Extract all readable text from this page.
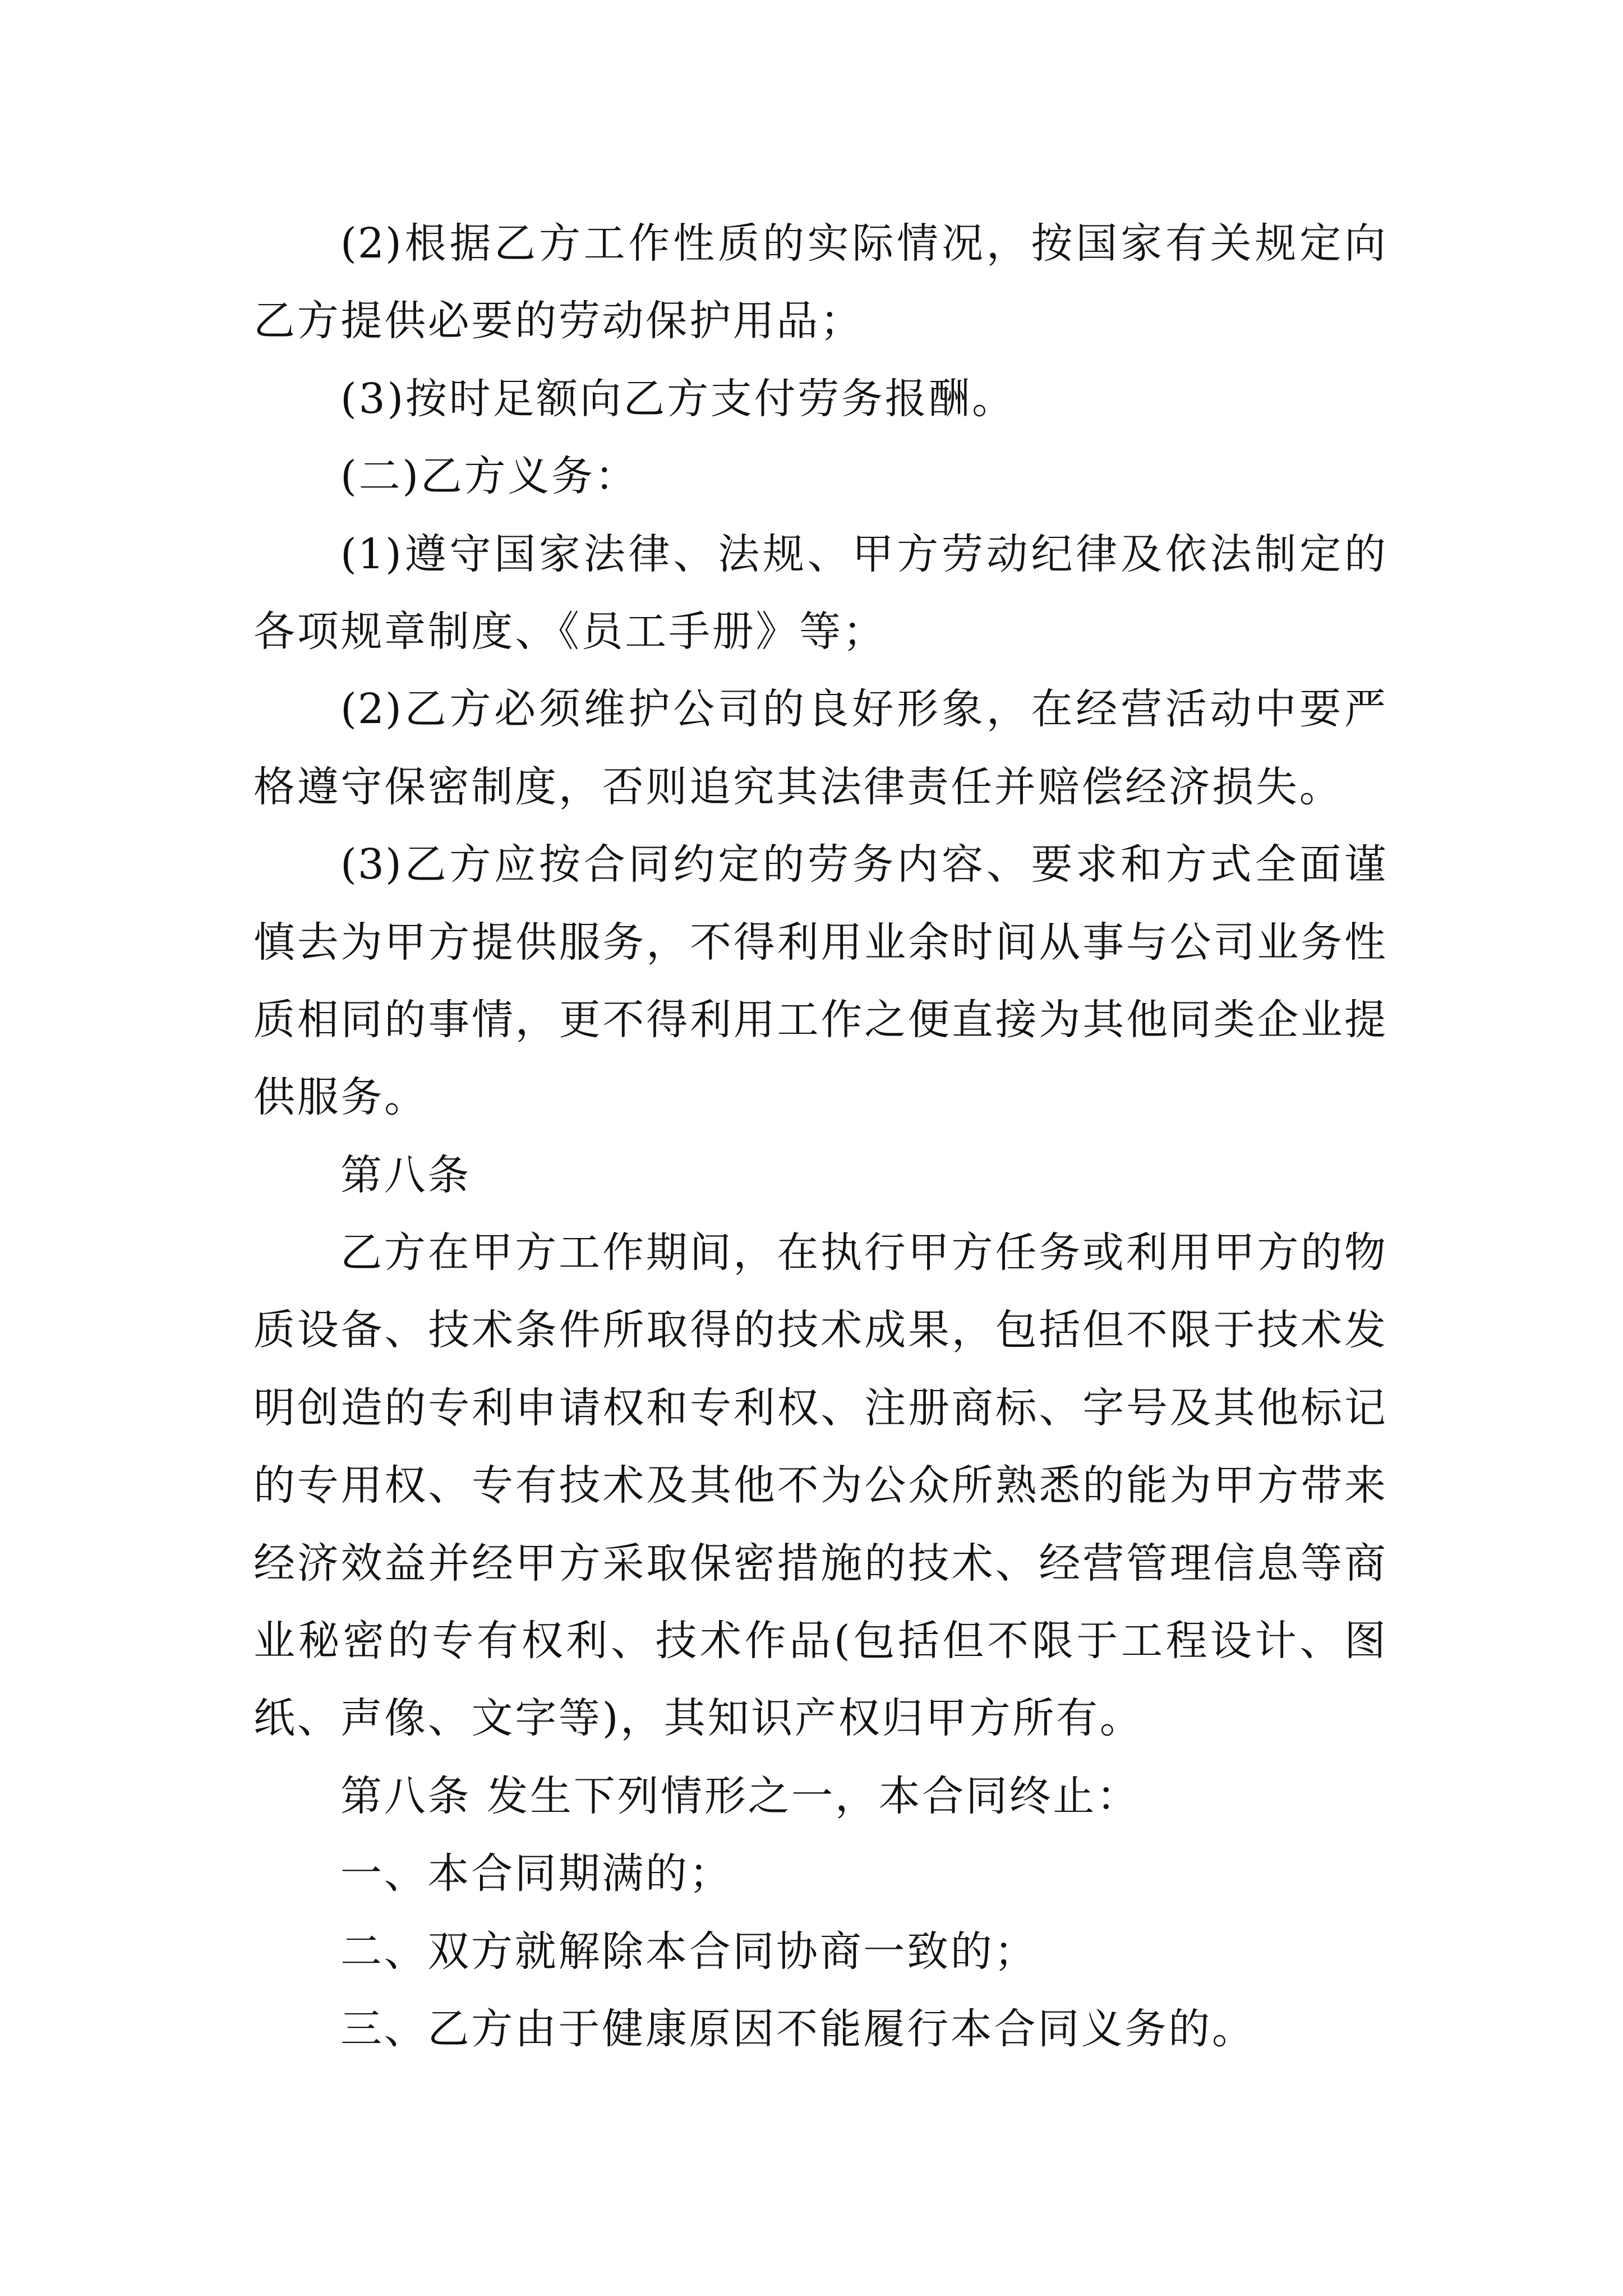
(2)根据乙方工作性质的实际情况，按国家有关规定向
乙方提供必要的劳动保护用品；
(3)按时足额向乙方支付劳务报酬。
(二)乙方义务：
(1)遵守国家法律、法规、甲方劳动纪律及依法制定的
各项规章制度、《员工手册》等；
(2)乙方必须维护公司的良好形象，在经营活动中要严
格遵守保密制度，否则追究其法律责任并赔偿经济损失。
(3)乙方应按合同约定的劳务内容、要求和方式全面谨
慎去为甲方提供服务，不得利用业余时间从事与公司业务性
质相同的事情，更不得利用工作之便直接为其他同类企业提
供服务。
第八条
乙方在甲方工作期间，在执行甲方任务或利用甲方的物
质设备、技术条件所取得的技术成果，包括但不限于技术发
明创造的专利申请权和专利权、注册商标、字号及其他标记
的专用权、专有技术及其他不为公众所熟悉的能为甲方带来
经济效益并经甲方采取保密措施的技术、经营管理信息等商
业秘密的专有权利、技术作品(包括但不限于工程设计、图
纸、声像、文字等)，其知识产权归甲方所有。
第八条 发生下列情形之一，本合同终止：
一、本合同期满的；
二、双方就解除本合同协商一致的；
三、乙方由于健康原因不能履行本合同义务的。
